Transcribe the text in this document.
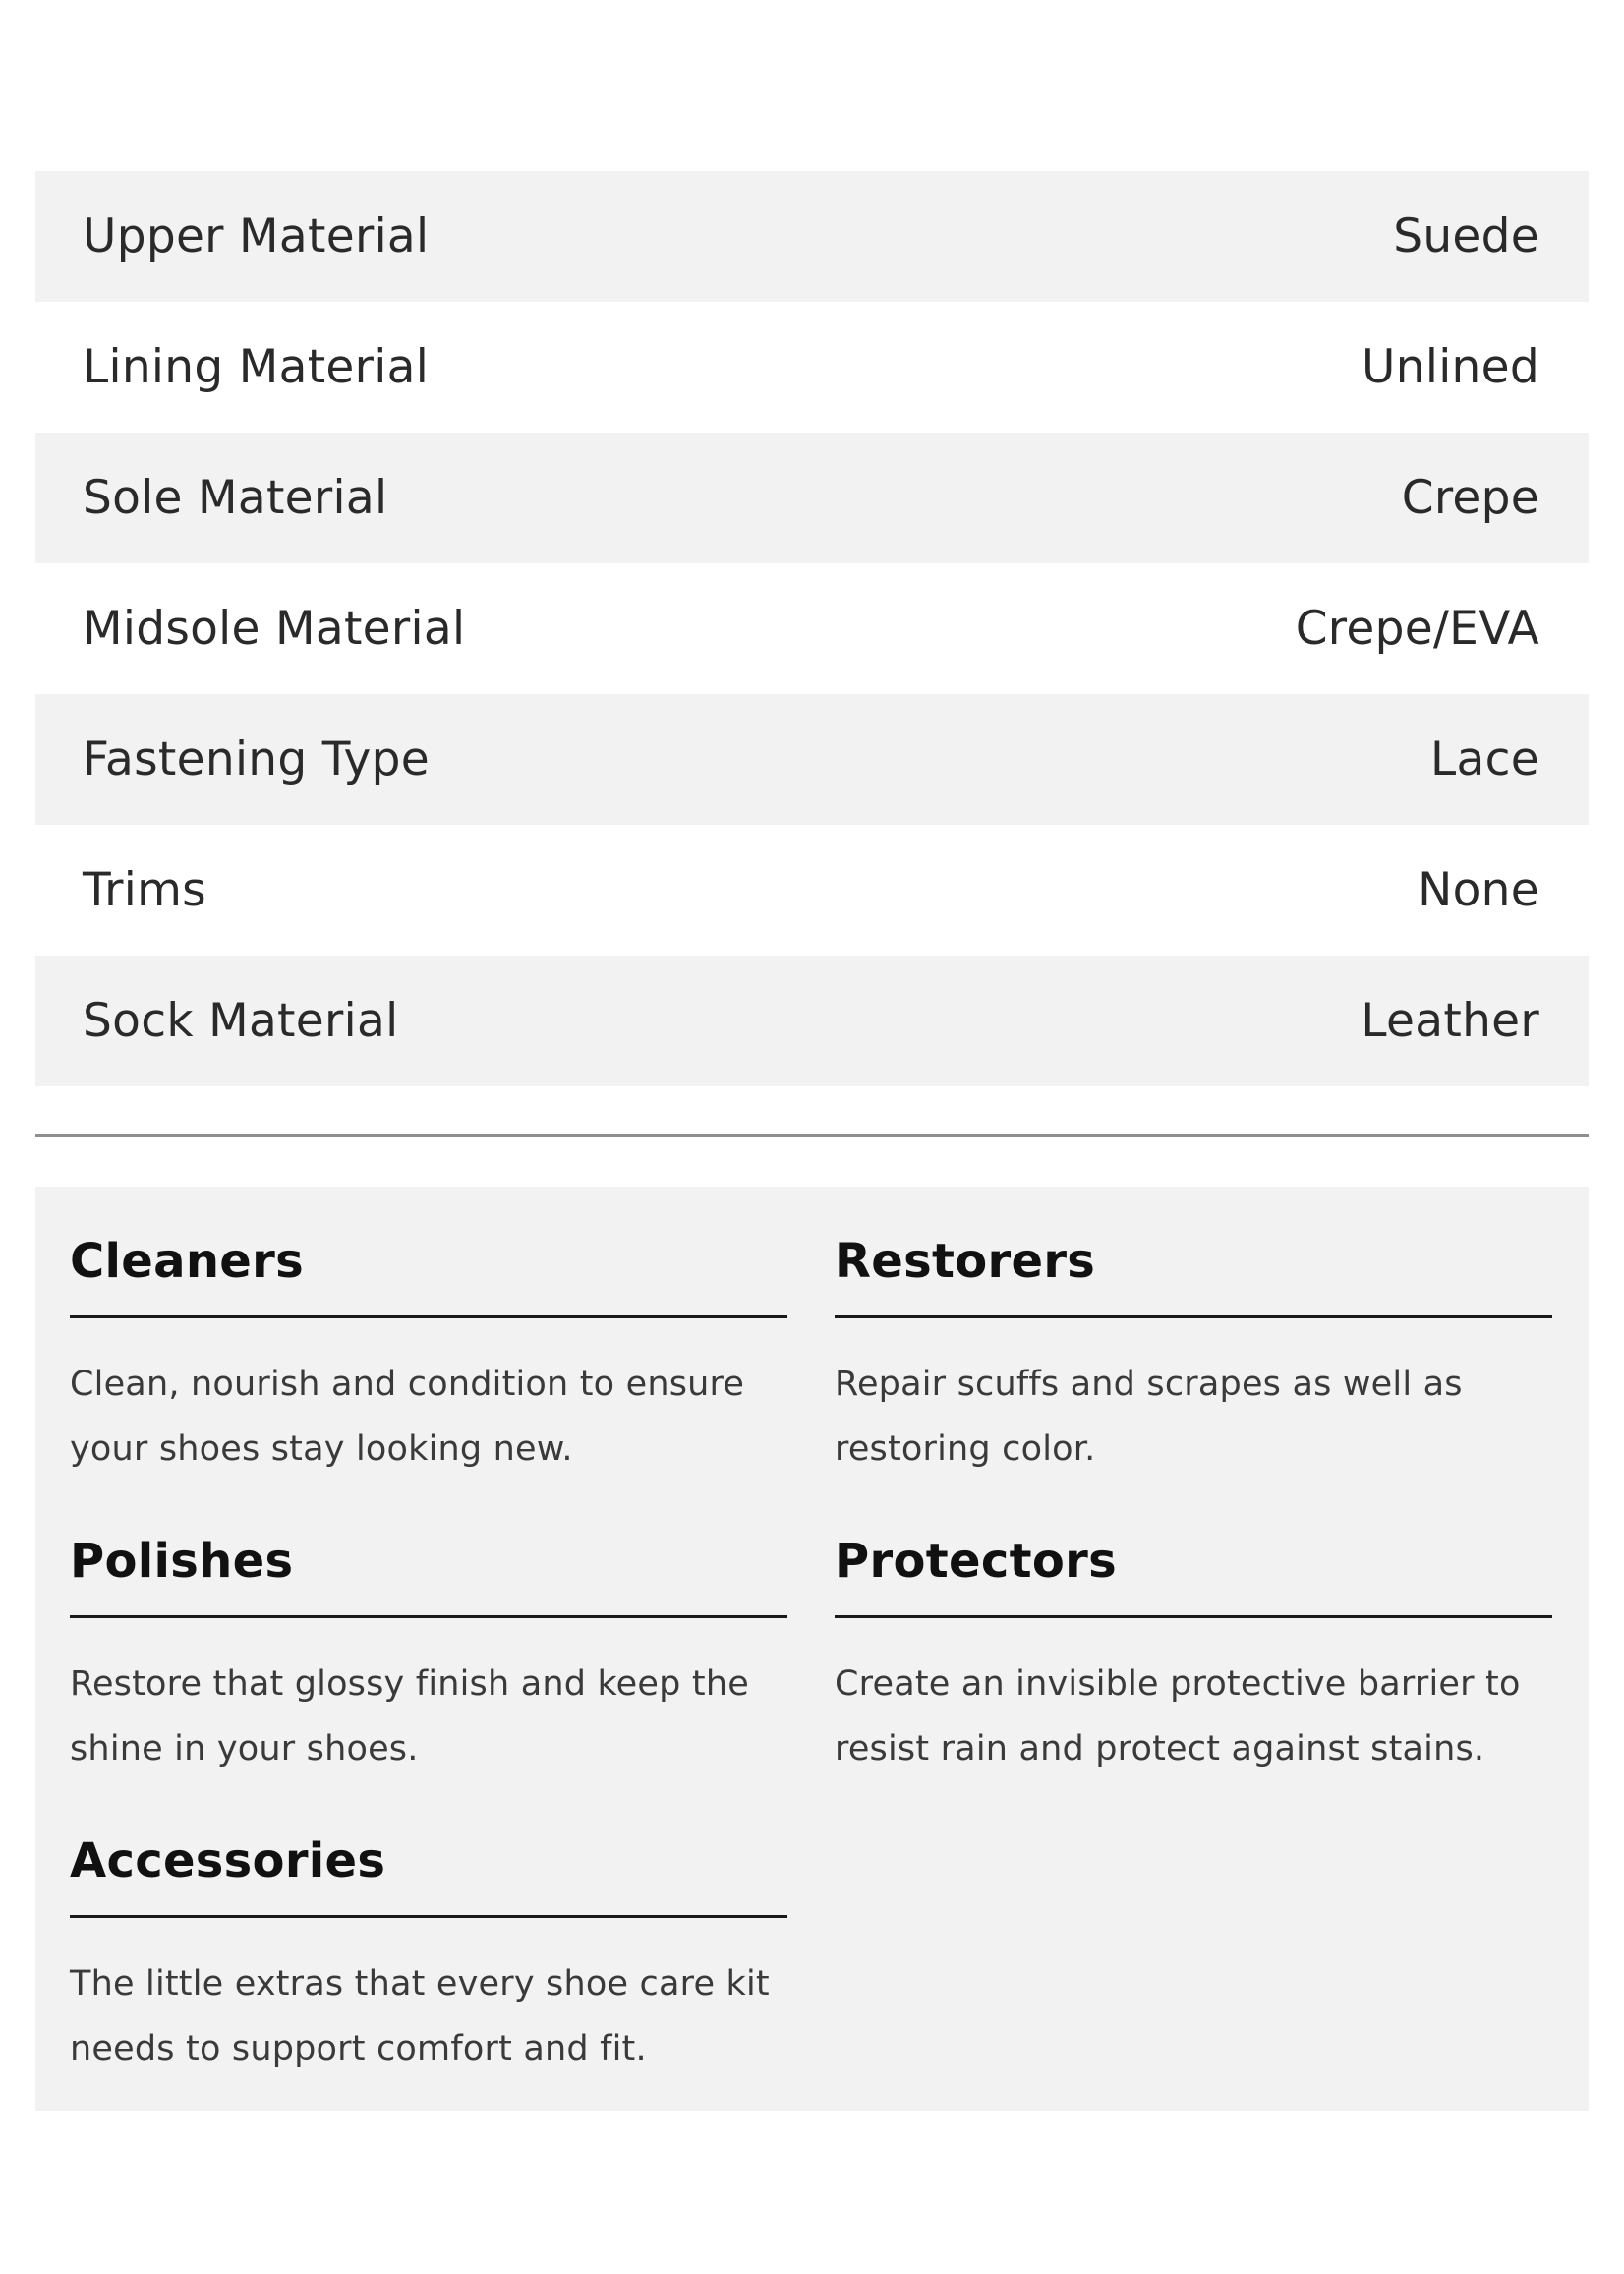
Upper Material	Suede
Lining Material	Unlined
Sole Material	Crepe
Midsole Material	Crepe/EVA
Fastening Type	Lace
Trims	None
Sock Material	Leather
Cleaners
Clean, nourish and condition to ensure your shoes stay looking new.
Restorers
Repair scuffs and scrapes as well as restoring color.
Polishes
Restore that glossy finish and keep the shine in your shoes.
Protectors
Create an invisible protective barrier to resist rain and protect against stains.
Accessories
The little extras that every shoe care kit needs to support comfort and fit.
